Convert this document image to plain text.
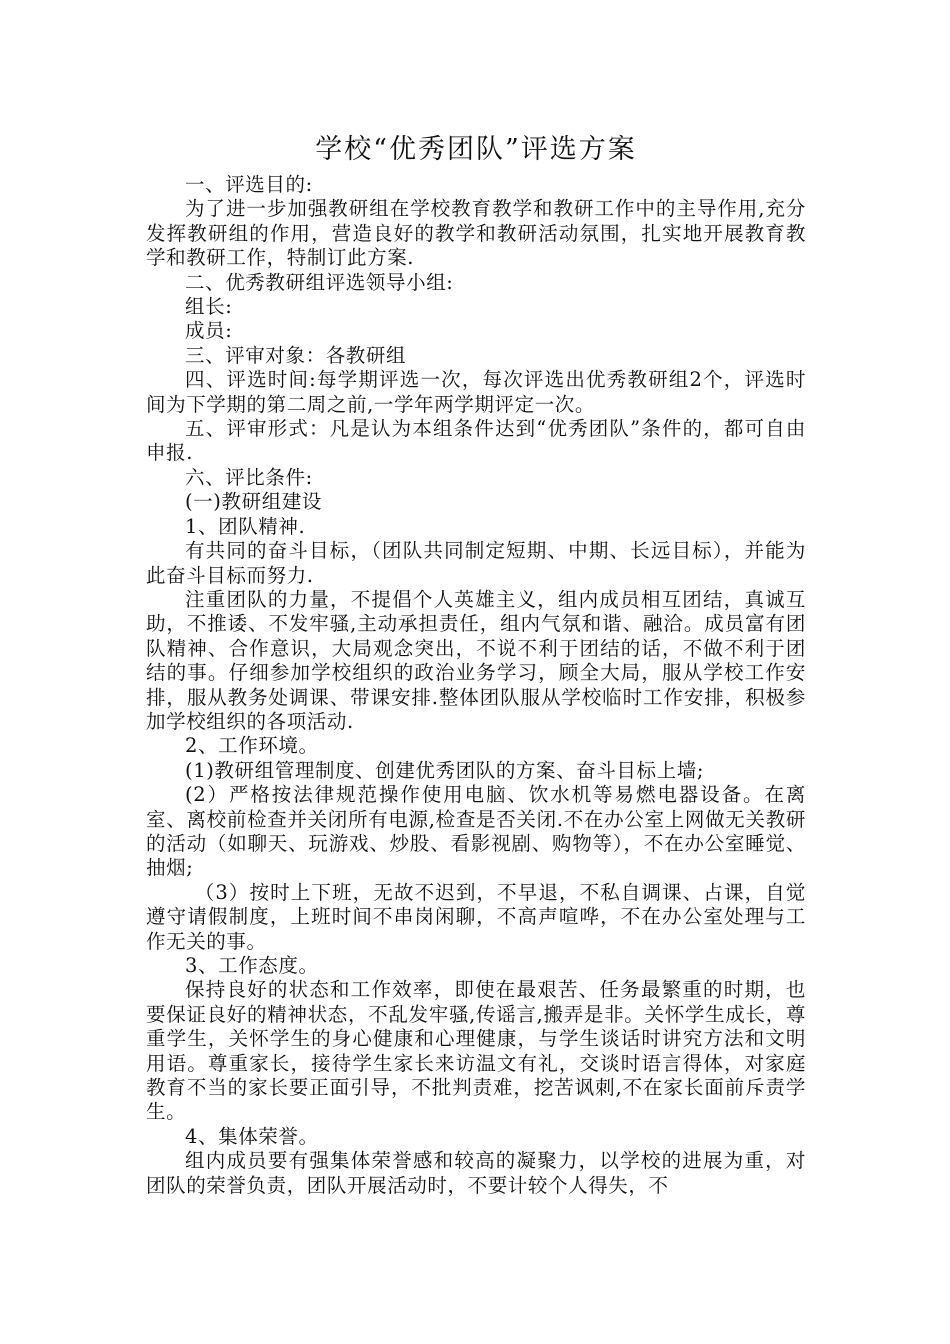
学校“优秀团队”评选方案

一、评选目的:

为了进一步加强教研组在学校教育教学和教研工作中的主导作用,充分发挥教研组的作用，营造良好的教学和教研活动氛围，扎实地开展教育教学和教研工作，特制订此方案.

二、优秀教研组评选领导小组:

组长:

成员:

三、评审对象：各教研组

四、评选时间:每学期评选一次，每次评选出优秀教研组2个，评选时间为下学期的第二周之前,一学年两学期评定一次。

五、评审形式：凡是认为本组条件达到“优秀团队”条件的，都可自由申报.

六、评比条件:

(一)教研组建设

1、团队精神.

有共同的奋斗目标，（团队共同制定短期、中期、长远目标），并能为此奋斗目标而努力.

注重团队的力量，不提倡个人英雄主义，组内成员相互团结，真诚互助，不推诿、不发牢骚,主动承担责任，组内气氛和谐、融洽。成员富有团队精神、合作意识，大局观念突出，不说不利于团结的话，不做不利于团结的事。仔细参加学校组织的政治业务学习，顾全大局，服从学校工作安排，服从教务处调课、带课安排.整体团队服从学校临时工作安排，积极参加学校组织的各项活动.

2、工作环境。

(1)教研组管理制度、创建优秀团队的方案、奋斗目标上墙;

(2）严格按法律规范操作使用电脑、饮水机等易燃电器设备。在离室、离校前检查并关闭所有电源,检查是否关闭.不在办公室上网做无关教研的活动（如聊天、玩游戏、炒股、看影视剧、购物等），不在办公室睡觉、抽烟;

（3）按时上下班，无故不迟到，不早退，不私自调课、占课，自觉遵守请假制度，上班时间不串岗闲聊，不高声喧哗，不在办公室处理与工作无关的事。

3、工作态度。

保持良好的状态和工作效率，即使在最艰苦、任务最繁重的时期，也要保证良好的精神状态，不乱发牢骚,传谣言,搬弄是非。关怀学生成长，尊重学生，关怀学生的身心健康和心理健康，与学生谈话时讲究方法和文明用语。尊重家长，接待学生家长来访温文有礼，交谈时语言得体，对家庭教育不当的家长要正面引导，不批判责难，挖苦讽刺,不在家长面前斥责学生。

4、集体荣誉。

组内成员要有强集体荣誉感和较高的凝聚力，以学校的进展为重，对团队的荣誉负责，团队开展活动时，不要计较个人得失，不
